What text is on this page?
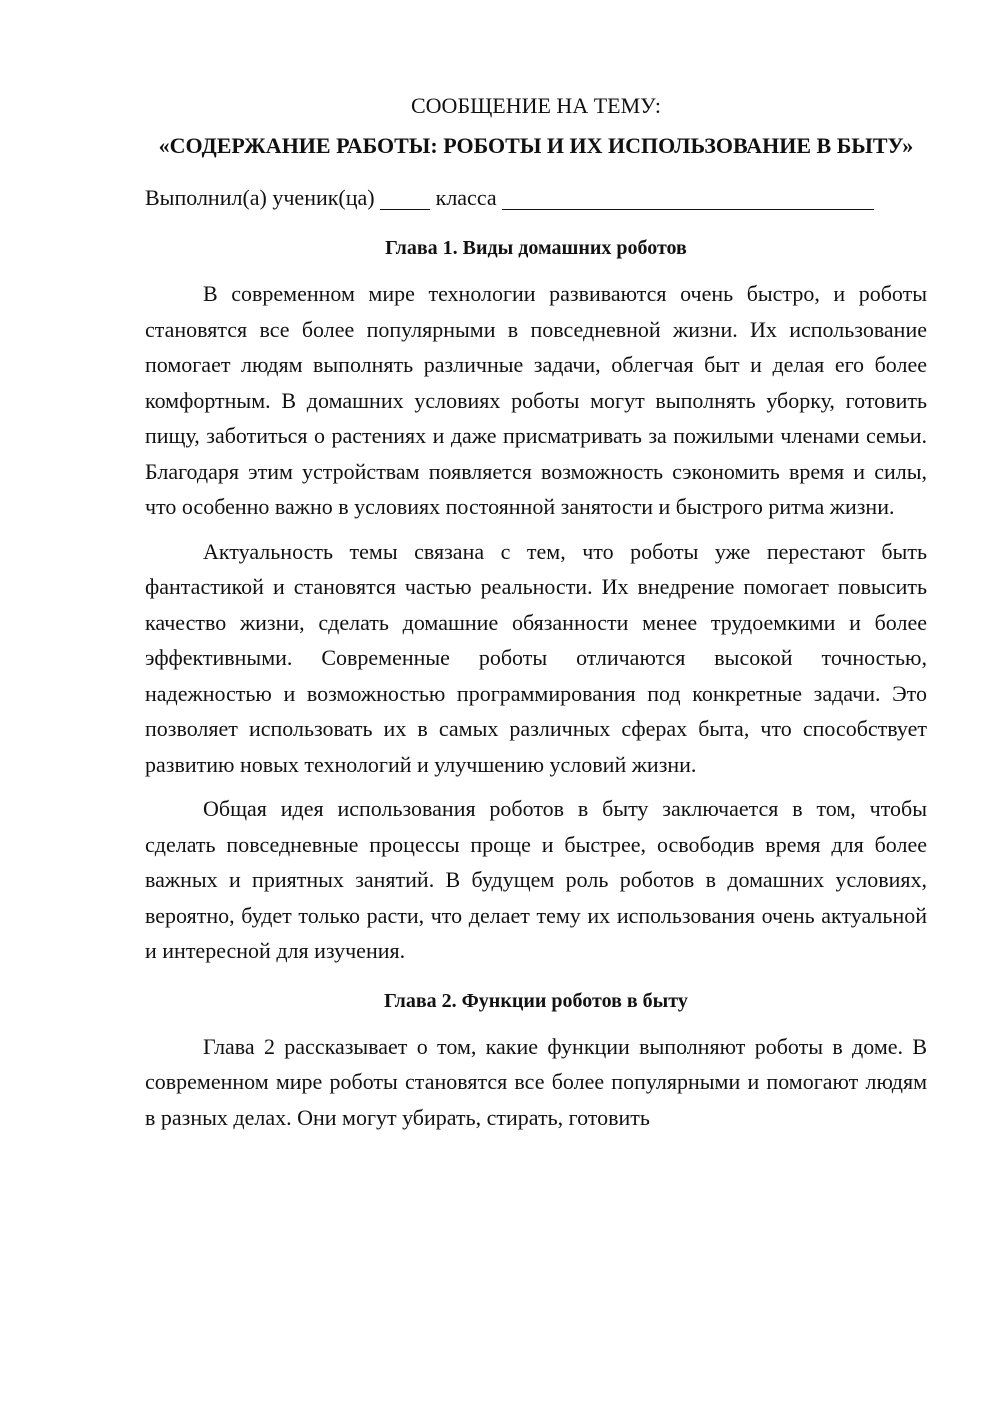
СООБЩЕНИЕ НА ТЕМУ:

«СОДЕРЖАНИЕ РАБОТЫ: РОБОТЫ И ИХ ИСПОЛЬЗОВАНИЕ В БЫТУ»

Выполнил(а) ученик(ца)	класса

Глава 1. Виды домашних роботов

В современном мире технологии развиваются очень быстро, и роботы становятся все более популярными в повседневной жизни. Их использование помогает людям выполнять различные задачи, облегчая быт и делая его более комфортным. В домашних условиях роботы могут выполнять уборку, готовить пищу, заботиться о растениях и даже присматривать за пожилыми членами семьи. Благодаря этим устройствам появляется возможность сэкономить время и силы, что особенно важно в условиях постоянной занятости и быстрого ритма жизни.

Актуальность темы связана с тем, что роботы уже перестают быть фантастикой и становятся частью реальности. Их внедрение помогает повысить качество жизни, сделать домашние обязанности менее трудоемкими и более эффективными. Современные роботы отличаются высокой точностью, надежностью и возможностью программирования под конкретные задачи. Это позволяет использовать их в самых различных сферах быта, что способствует развитию новых технологий и улучшению условий жизни.

Общая идея использования роботов в быту заключается в том, чтобы сделать повседневные процессы проще и быстрее, освободив время для более важных и приятных занятий. В будущем роль роботов в домашних условиях, вероятно, будет только расти, что делает тему их использования очень актуальной и интересной для изучения.

Глава 2. Функции роботов в быту

Глава 2 рассказывает о том, какие функции выполняют роботы в доме. В современном мире роботы становятся все более популярными и помогают людям в разных делах. Они могут убирать, стирать, готовить
